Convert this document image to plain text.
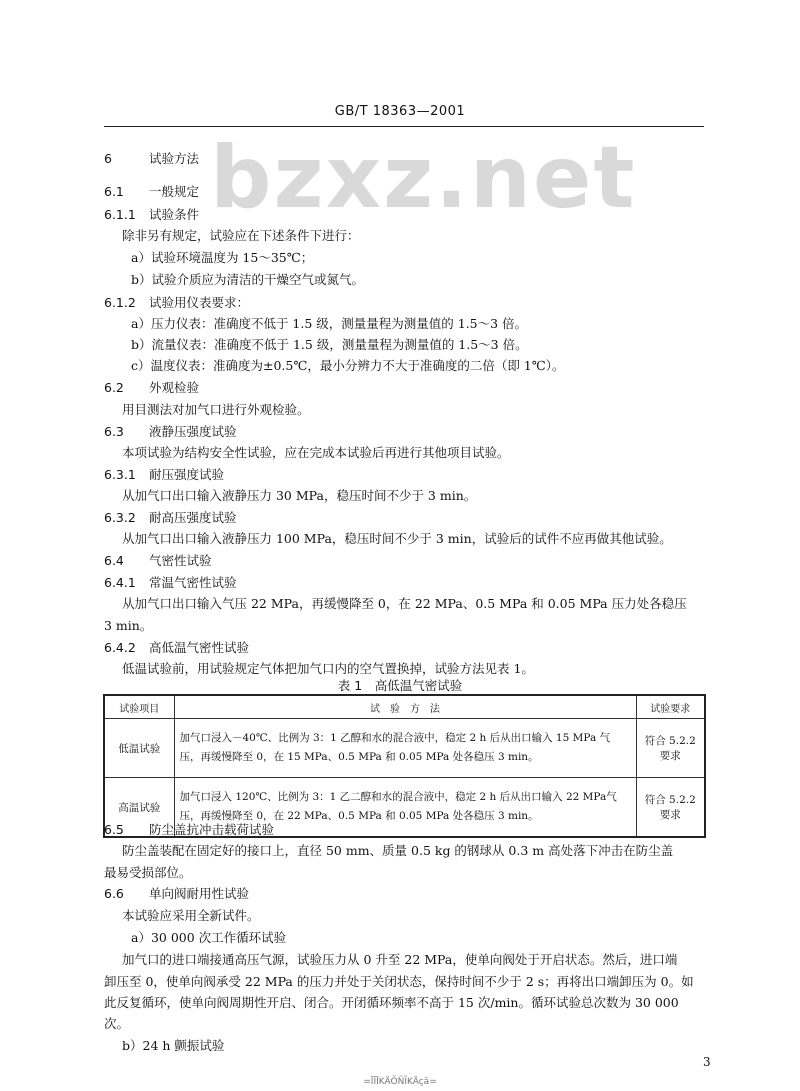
GB/T 18363—2001
bzxz.net
6	试验方法
6.1 一般规定
6.1.1 试验条件
除非另有规定，试验应在下述条件下进行：
a）试验环境温度为 15～35℃；
b）试验介质应为清洁的干燥空气或氮气。
6.1.2 试验用仪表要求：
a）压力仪表：准确度不低于 1.5 级，测量量程为测量值的 1.5～3 倍。
b）流量仪表：准确度不低于 1.5 级，测量量程为测量值的 1.5～3 倍。
c）温度仪表：准确度为±0.5℃，最小分辨力不大于准确度的二倍（即 1℃）。
6.2 外观检验
用目测法对加气口进行外观检验。
6.3 液静压强度试验
本项试验为结构安全性试验，应在完成本试验后再进行其他项目试验。
6.3.1 耐压强度试验
从加气口出口输入液静压力 30 MPa，稳压时间不少于 3 min。
6.3.2 耐高压强度试验
从加气口出口输入液静压力 100 MPa，稳压时间不少于 3 min，试验后的试件不应再做其他试验。
6.4 气密性试验
6.4.1 常温气密性试验
从加气口出口输入气压 22 MPa，再缓慢降至 0，在 22 MPa、0.5 MPa 和 0.05 MPa 压力处各稳压
3 min。
6.4.2 高低温气密性试验
低温试验前，用试验规定气体把加气口内的空气置换掉，试验方法见表 1。
表 1　高低温气密试验
试验项目	试　验　方　法	试验要求
低温试验	加气口浸入－40℃、比例为 3：1 乙醇和水的混合液中，稳定 2 h 后从出口输入 15 MPa 气压，再缓慢降至 0，在 15 MPa、0.5 MPa 和 0.05 MPa 处各稳压 3 min。	符合 5.2.2 要求
高温试验	加气口浸入 120℃、比例为 3：1 乙二醇和水的混合液中，稳定 2 h 后从出口输入 22 MPa气压，再缓慢降至 0，在 22 MPa、0.5 MPa 和 0.05 MPa 处各稳压 3 min。	符合 5.2.2 要求
6.5 防尘盖抗冲击载荷试验
防尘盖装配在固定好的接口上，直径 50 mm、质量 0.5 kg 的钢球从 0.3 m 高处落下冲击在防尘盖
最易受损部位。
6.6 单向阀耐用性试验
本试验应采用全新试件。
a）30 000 次工作循环试验
加气口的进口端接通高压气源，试验压力从 0 升至 22 MPa，使单向阀处于开启状态。然后，进口端
卸压至 0，使单向阀承受 22 MPa 的压力并处于关闭状态，保持时间不少于 2 s；再将出口端卸压为 0。如
此反复循环，使单向阀周期性开启、闭合。开闭循环频率不高于 15 次/min。循环试验总次数为 30 000
次。
b）24 h 颤振试验
3
=ĪĪĪKÄÕÑĨKÄçä=
